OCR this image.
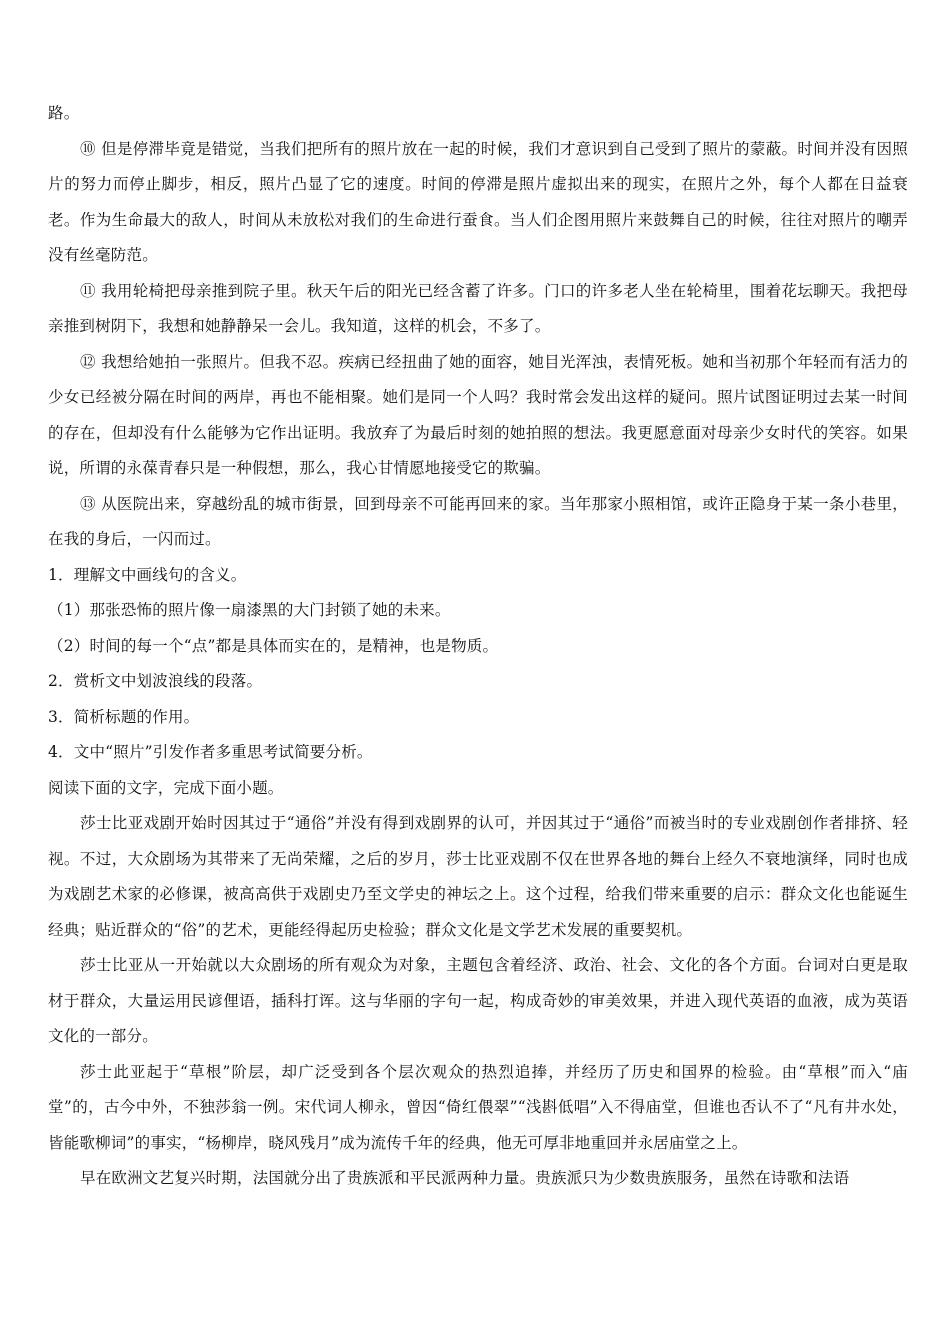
路。

⑩ 但是停滞毕竟是错觉，当我们把所有的照片放在一起的时候，我们才意识到自己受到了照片的蒙蔽。时间并没有因照片的努力而停止脚步，相反，照片凸显了它的速度。时间的停滞是照片虚拟出来的现实，在照片之外，每个人都在日益衰老。作为生命最大的敌人，时间从未放松对我们的生命进行蚕食。当人们企图用照片来鼓舞自己的时候，往往对照片的嘲弄没有丝毫防范。

⑪ 我用轮椅把母亲推到院子里。秋天午后的阳光已经含蓄了许多。门口的许多老人坐在轮椅里，围着花坛聊天。我把母亲推到树阴下，我想和她静静呆一会儿。我知道，这样的机会，不多了。

⑫ 我想给她拍一张照片。但我不忍。疾病已经扭曲了她的面容，她目光浑浊，表情死板。她和当初那个年轻而有活力的少女已经被分隔在时间的两岸，再也不能相聚。她们是同一个人吗？我时常会发出这样的疑问。照片试图证明过去某一时间的存在，但却没有什么能够为它作出证明。我放弃了为最后时刻的她拍照的想法。我更愿意面对母亲少女时代的笑容。如果说，所谓的永葆青春只是一种假想，那么，我心甘情愿地接受它的欺骗。

⑬ 从医院出来，穿越纷乱的城市街景，回到母亲不可能再回来的家。当年那家小照相馆，或许正隐身于某一条小巷里，在我的身后，一闪而过。

1．理解文中画线句的含义。

（1）那张恐怖的照片像一扇漆黑的大门封锁了她的未来。

（2）时间的每一个“点”都是具体而实在的，是精神，也是物质。

2．赏析文中划波浪线的段落。

3．简析标题的作用。

4．文中“照片”引发作者多重思考试简要分析。

阅读下面的文字，完成下面小题。

莎士比亚戏剧开始时因其过于“通俗”并没有得到戏剧界的认可，并因其过于“通俗”而被当时的专业戏剧创作者排挤、轻视。不过，大众剧场为其带来了无尚荣耀，之后的岁月，莎士比亚戏剧不仅在世界各地的舞台上经久不衰地演绎，同时也成为戏剧艺术家的必修课，被高高供于戏剧史乃至文学史的神坛之上。这个过程，给我们带来重要的启示：群众文化也能诞生经典；贴近群众的“俗”的艺术，更能经得起历史检验；群众文化是文学艺术发展的重要契机。

莎士比亚从一开始就以大众剧场的所有观众为对象，主题包含着经济、政治、社会、文化的各个方面。台词对白更是取材于群众，大量运用民谚俚语，插科打诨。这与华丽的字句一起，构成奇妙的审美效果，并进入现代英语的血液，成为英语文化的一部分。

莎士此亚起于“草根”阶层，却广泛受到各个层次观众的热烈追捧，并经历了历史和国界的检验。由“草根”而入“庙堂”的，古今中外，不独莎翁一例。宋代词人柳永，曾因“倚红偎翠”“浅斟低唱”入不得庙堂，但谁也否认不了“凡有井水处，皆能歌柳词”的事实，“杨柳岸，晓风残月”成为流传千年的经典，他无可厚非地重回并永居庙堂之上。

早在欧洲文艺复兴时期，法国就分出了贵族派和平民派两种力量。贵族派只为少数贵族服务，虽然在诗歌和法语
